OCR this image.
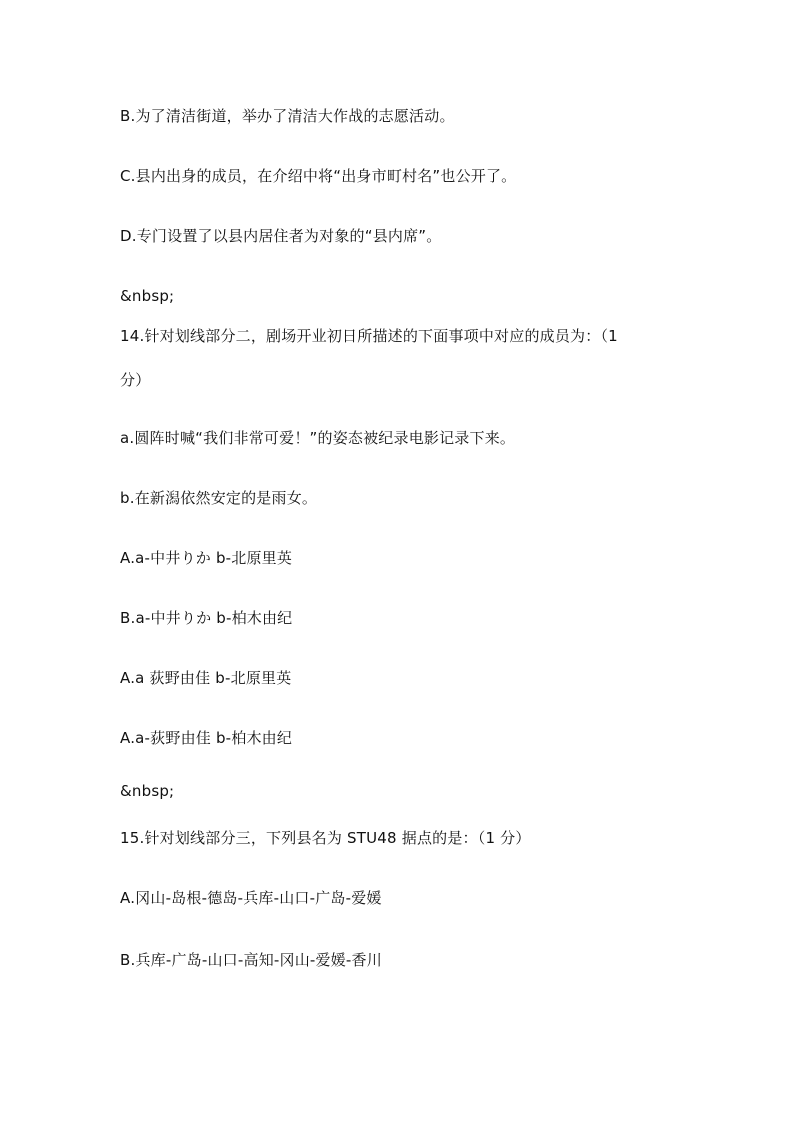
B.为了清洁街道，举办了清洁大作战的志愿活动。
C.县内出身的成员，在介绍中将“出身市町村名”也公开了。
D.专门设置了以县内居住者为对象的“县内席”。
&nbsp;
14.针对划线部分二，剧场开业初日所描述的下面事项中对应的成员为：（1
分）
a.圆阵时喊“我们非常可爱！”的姿态被纪录电影记录下来。
b.在新潟依然安定的是雨女。
A.a-中井りか b-北原里英
B.a-中井りか b-柏木由纪
A.a 荻野由佳 b-北原里英
A.a-荻野由佳 b-柏木由纪
&nbsp;
15.针对划线部分三，下列县名为 STU48 据点的是：（1 分）
A.冈山-岛根-德岛-兵库-山口-广岛-爱媛
B.兵库-广岛-山口-高知-冈山-爱媛-香川
